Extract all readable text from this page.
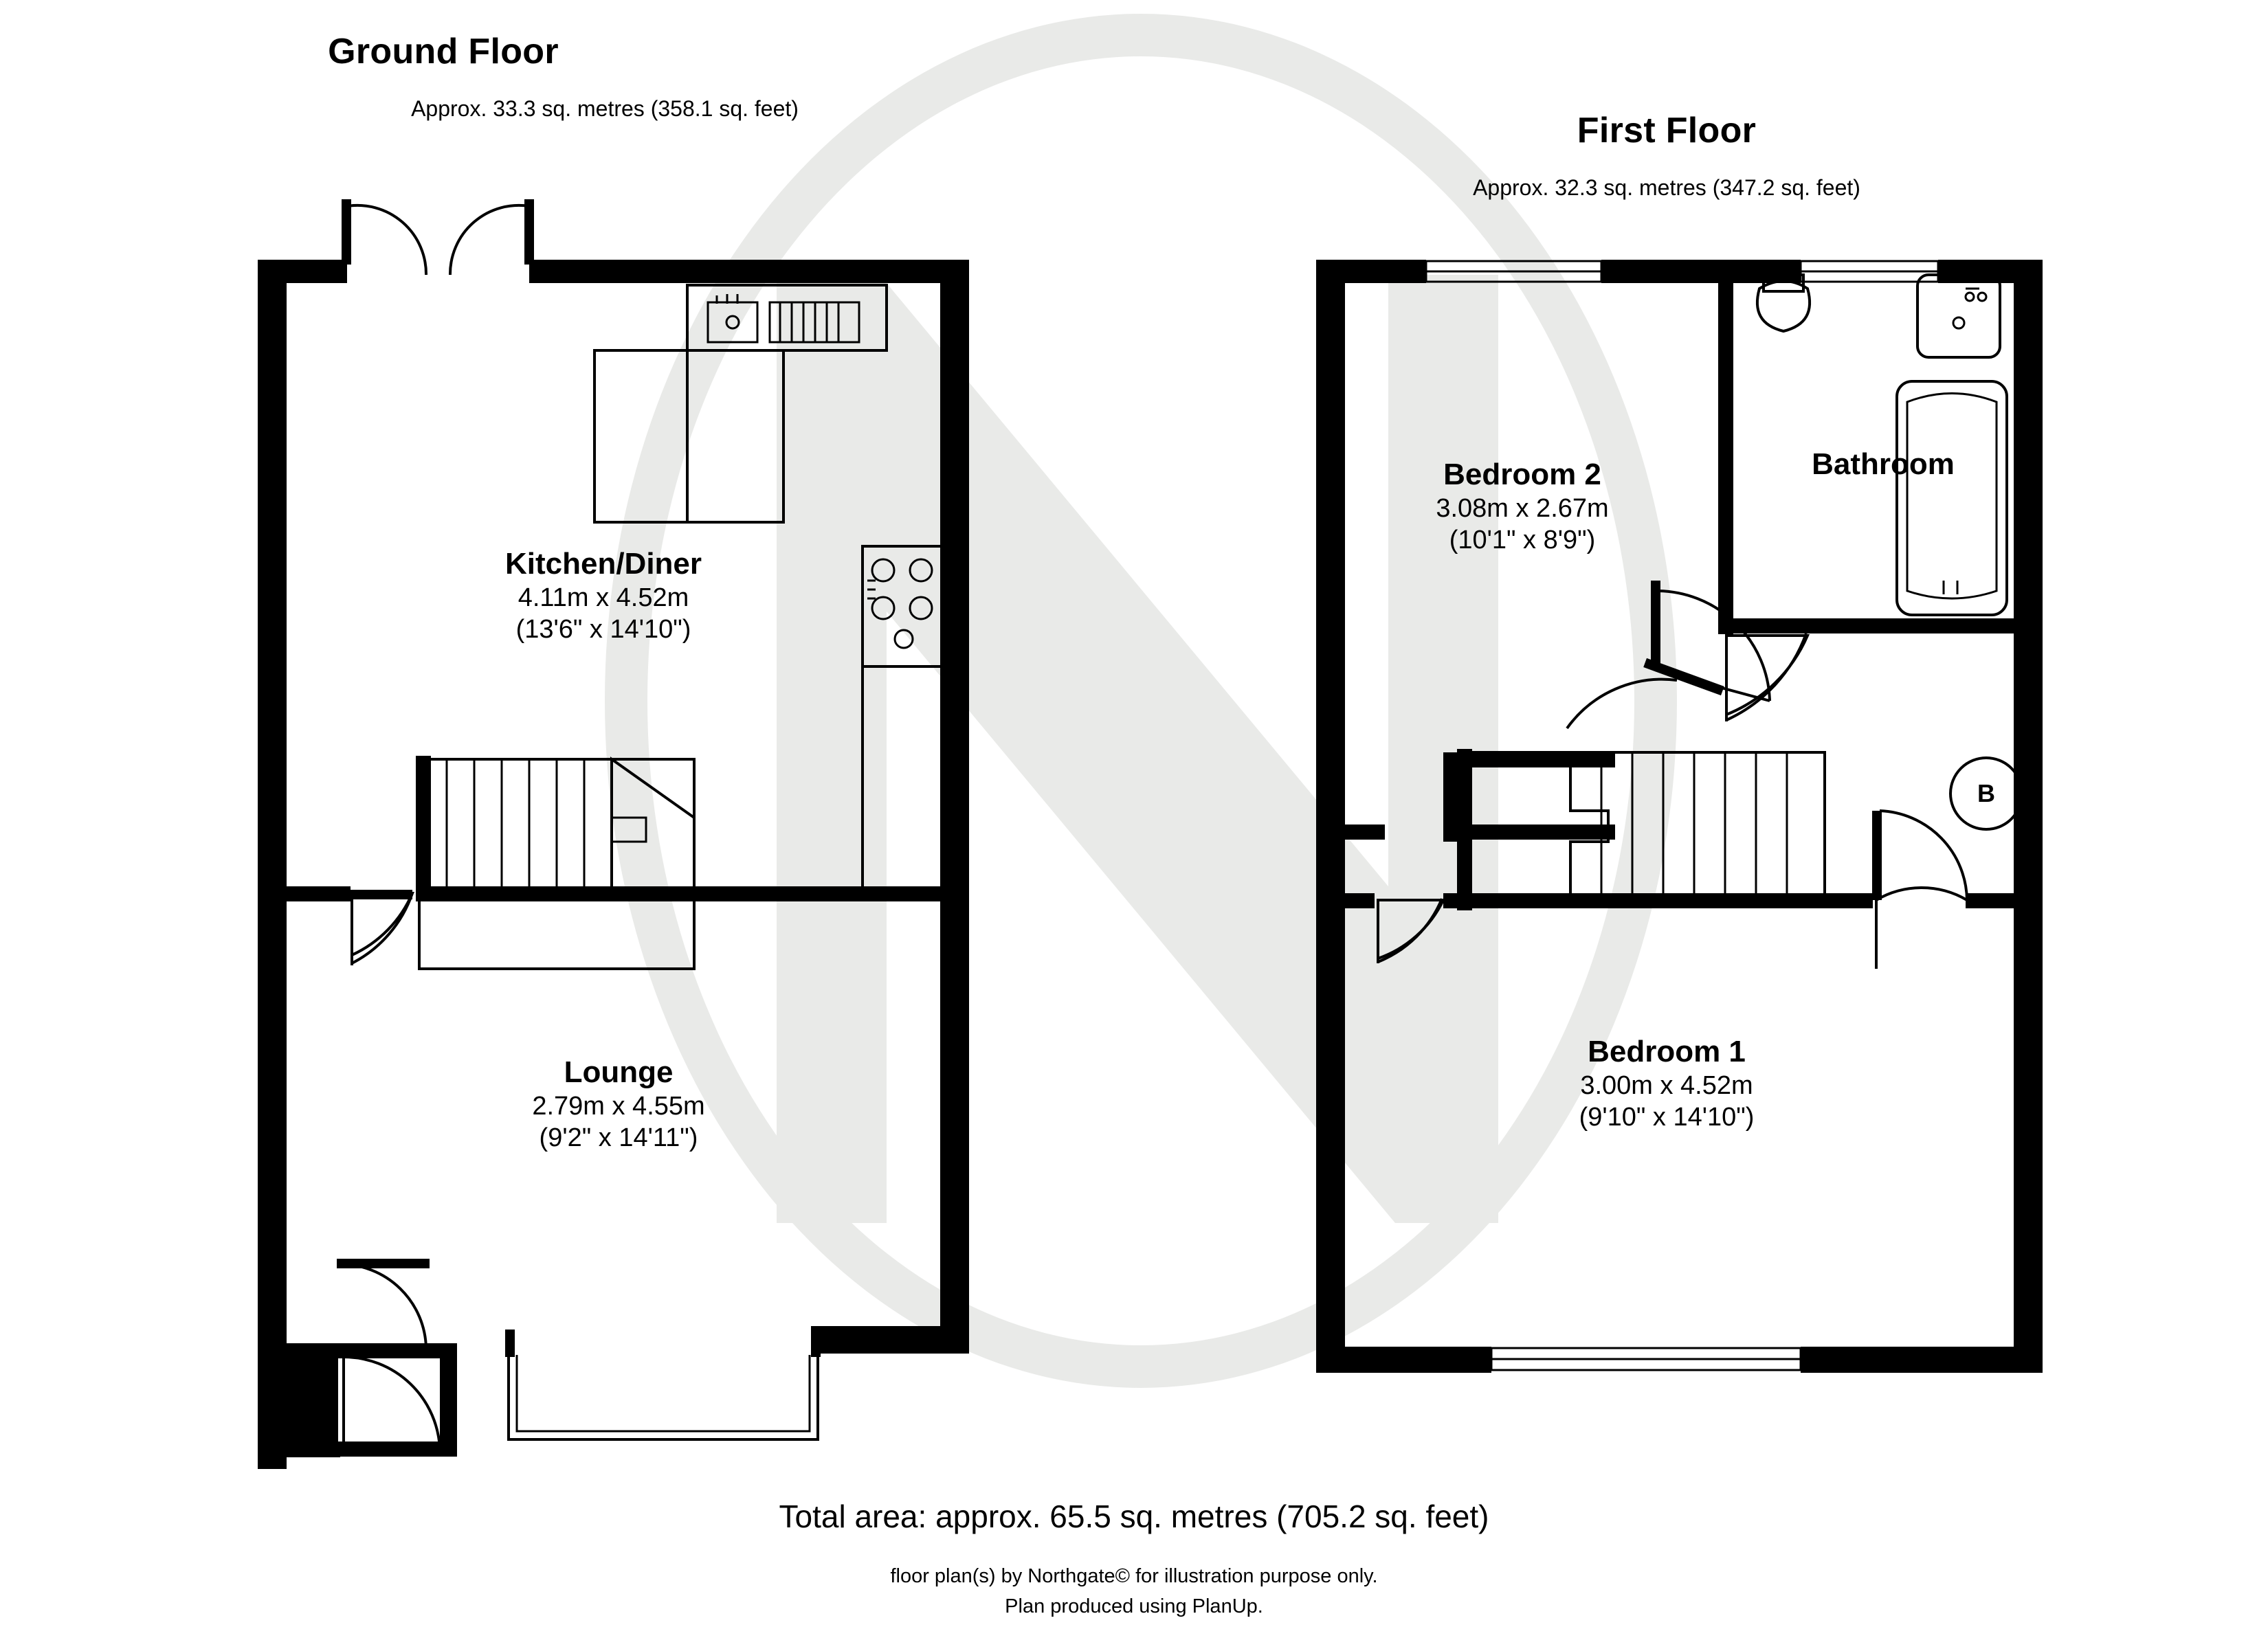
Ground Floor
Approx. 33.3 sq. metres (358.1 sq. feet)
First Floor
Approx. 32.3 sq. metres (347.2 sq. feet)
Kitchen/Diner
4.11m x 4.52m
(13'6" x 14'10")
Lounge
2.79m x 4.55m
(9'2" x 14'11")
Bedroom 2
3.08m x 2.67m
(10'1" x 8'9")
Bathroom
Bedroom 1
3.00m x 4.52m
(9'10" x 14'10")
B
Total area: approx. 65.5 sq. metres (705.2 sq. feet)
floor plan(s) by Northgate© for illustration purpose only.
Plan produced using PlanUp.
